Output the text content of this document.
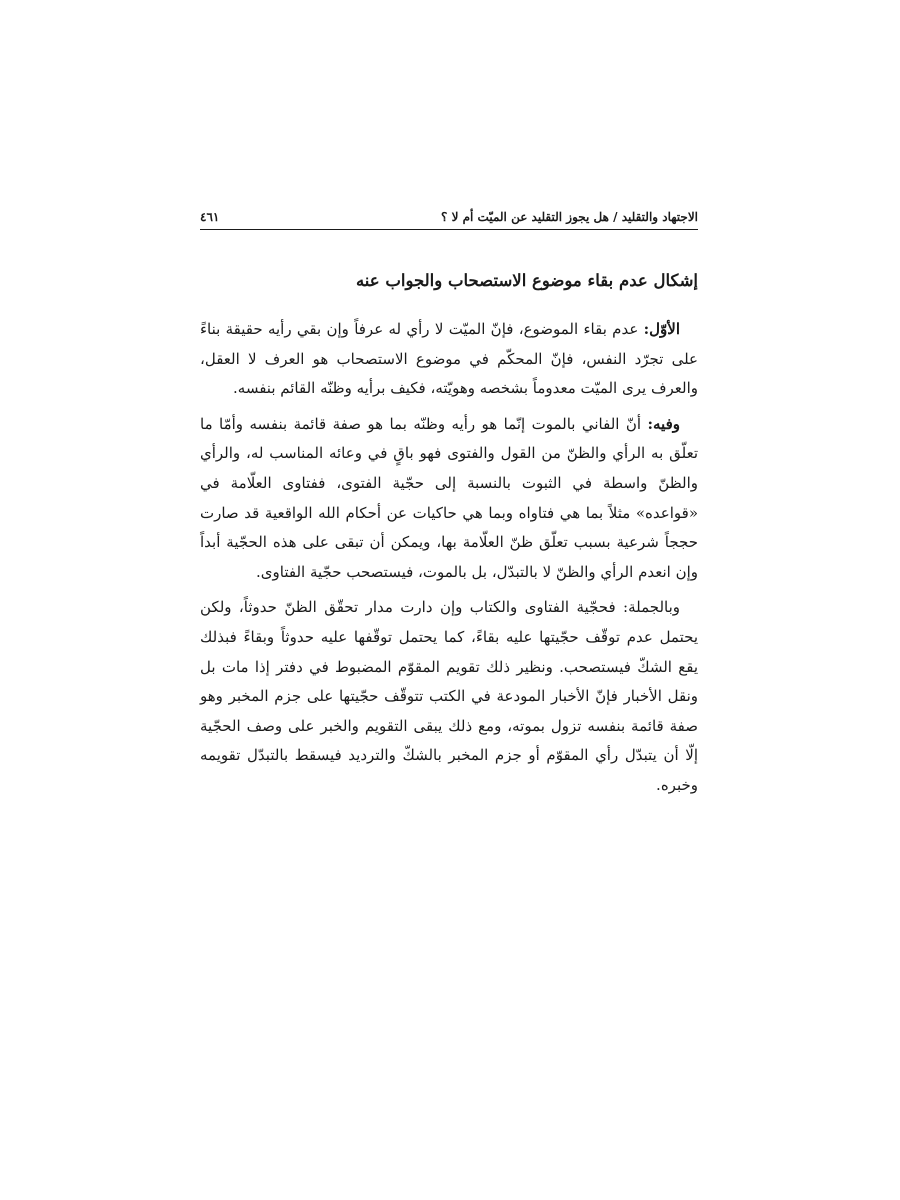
الاجتهاد والتقليد / هل يجوز التقليد عن الميّت أم لا ؟
٤٦١
إشكال عدم بقاء موضوع الاستصحاب والجواب عنه

الأوّل: عدم بقاء الموضوع، فإنّ الميّت لا رأي له عرفاً وإن بقي رأيه حقيقة بناءً على تجرّد النفس، فإنّ المحكّم في موضوع الاستصحاب هو العرف لا العقل، والعرف يرى الميّت معدوماً بشخصه وهويّته، فكيف برأيه وظنّه القائم بنفسه.

وفيه: أنّ الفاني بالموت إنّما هو رأيه وظنّه بما هو صفة قائمة بنفسه وأمّا ما تعلّق به الرأي والظنّ من القول والفتوى فهو باقٍ في وعائه المناسب له، والرأي والظنّ واسطة في الثبوت بالنسبة إلى حجّية الفتوى، ففتاوى العلّامة في «قواعده» مثلاً بما هي فتاواه وبما هي حاكيات عن أحكام الله الواقعية قد صارت حججاً شرعية بسبب تعلّق ظنّ العلّامة بها، ويمكن أن تبقى على هذه الحجّية أبداً وإن انعدم الرأي والظنّ لا بالتبدّل، بل بالموت، فيستصحب حجّية الفتاوى.

وبالجملة: فحجّية الفتاوى والكتاب وإن دارت مدار تحقّق الظنّ حدوثاً، ولكن يحتمل عدم توقّف حجّيتها عليه بقاءً، كما يحتمل توقّفها عليه حدوثاً وبقاءً فبذلك يقع الشكّ فيستصحب. ونظير ذلك تقويم المقوّم المضبوط في دفتر إذا مات بل ونقل الأخبار فإنّ الأخبار المودعة في الكتب تتوقّف حجّيتها على جزم المخبر وهو صفة قائمة بنفسه تزول بموته، ومع ذلك يبقى التقويم والخبر على وصف الحجّية إلّا أن يتبدّل رأي المقوّم أو جزم المخبر بالشكّ والترديد فيسقط بالتبدّل تقويمه وخبره.
